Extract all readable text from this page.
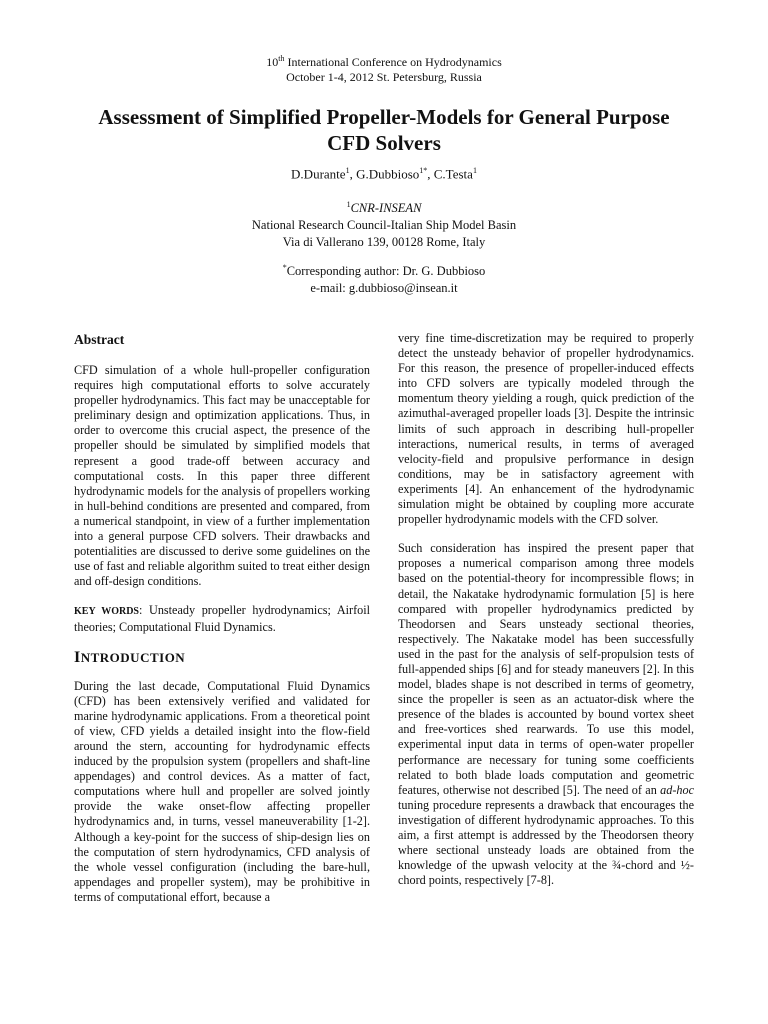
10th International Conference on Hydrodynamics
October 1-4, 2012 St. Petersburg, Russia
Assessment of Simplified Propeller-Models for General Purpose CFD Solvers
D.Durante$^1$, G.Dubbioso$^{1*}$, C.Testa$^1$
$^1$CNR-INSEAN
National Research Council-Italian Ship Model Basin
Via di Vallerano 139, 00128 Rome, Italy
*Corresponding author: Dr. G. Dubbioso
e-mail: g.dubbioso@insean.it
Abstract

CFD simulation of a whole hull-propeller configuration requires high computational efforts to solve accurately propeller hydrodynamics. This fact may be unacceptable for preliminary design and optimization applications. Thus, in order to overcome this crucial aspect, the presence of the propeller should be simulated by simplified models that represent a good trade-off between accuracy and computational costs. In this paper three different hydrodynamic models for the analysis of propellers working in hull-behind conditions are presented and compared, from a numerical standpoint, in view of a further implementation into a general purpose CFD solvers. Their drawbacks and potentialities are discussed to derive some guidelines on the use of fast and reliable algorithm suited to treat either design and off-design conditions.

KEY WORDS: Unsteady propeller hydrodynamics; Airfoil theories; Computational Fluid Dynamics.

INTRODUCTION

During the last decade, Computational Fluid Dynamics (CFD) has been extensively verified and validated for marine hydrodynamic applications. From a theoretical point of view, CFD yields a detailed insight into the flow-field around the stern, accounting for hydrodynamic effects induced by the propulsion system (propellers and shaft-line appendages) and control devices. As a matter of fact, computations where hull and propeller are solved jointly provide the wake onset-flow affecting propeller hydrodynamics and, in turns, vessel maneuverability [1-2]. Although a key-point for the success of ship-design lies on the computation of stern hydrodynamics, CFD analysis of the whole vessel configuration (including the bare-hull, appendages and propeller system), may be prohibitive in terms of computational effort, because a

very fine time-discretization may be required to properly detect the unsteady behavior of propeller hydrodynamics. For this reason, the presence of propeller-induced effects into CFD solvers are typically modeled through the momentum theory yielding a rough, quick prediction of the azimuthal-averaged propeller loads [3]. Despite the intrinsic limits of such approach in describing hull-propeller interactions, numerical results, in terms of averaged velocity-field and propulsive performance in design conditions, may be in satisfactory agreement with experiments [4]. An enhancement of the hydrodynamic simulation might be obtained by coupling more accurate propeller hydrodynamic models with the CFD solver.

Such consideration has inspired the present paper that proposes a numerical comparison among three models based on the potential-theory for incompressible flows; in detail, the Nakatake hydrodynamic formulation [5] is here compared with propeller hydrodynamics predicted by Theodorsen and Sears unsteady sectional theories, respectively. The Nakatake model has been successfully used in the past for the analysis of self-propulsion tests of full-appended ships [6] and for steady maneuvers [2]. In this model, blades shape is not described in terms of geometry, since the propeller is seen as an actuator-disk where the presence of the blades is accounted by bound vortex sheet and free-vortices shed rearwards. To use this model, experimental input data in terms of open-water propeller performance are necessary for tuning some coefficients related to both blade loads computation and geometric features, otherwise not described [5]. The need of an ad-hoc tuning procedure represents a drawback that encourages the investigation of different hydrodynamic approaches. To this aim, a first attempt is addressed by the Theodorsen theory where sectional unsteady loads are obtained from the knowledge of the upwash velocity at the ¾-chord and ½-chord points, respectively [7-8].
